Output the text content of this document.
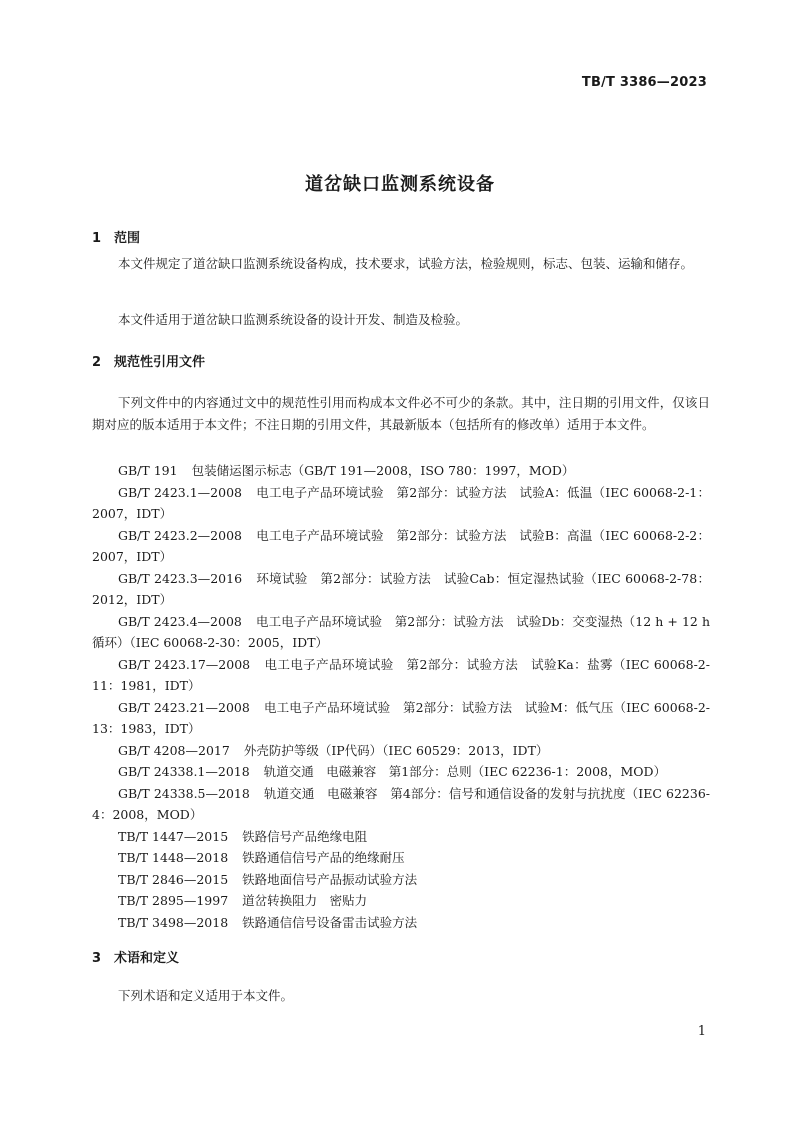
TB/T 3386—2023
道岔缺口监测系统设备
1 范围

本文件规定了道岔缺口监测系统设备构成，技术要求，试验方法，检验规则，标志、包装、运输和储存。

本文件适用于道岔缺口监测系统设备的设计开发、制造及检验。

2 规范性引用文件

下列文件中的内容通过文中的规范性引用而构成本文件必不可少的条款。其中，注日期的引用文件，仅该日期对应的版本适用于本文件；不注日期的引用文件，其最新版本（包括所有的修改单）适用于本文件。

GB/T 191 包装储运图示标志（GB/T 191—2008，ISO 780：1997，MOD）
GB/T 2423.1—2008 电工电子产品环境试验　第2部分：试验方法　试验A：低温（IEC 60068-2-1：2007，IDT）
GB/T 2423.2—2008 电工电子产品环境试验　第2部分：试验方法　试验B：高温（IEC 60068-2-2：2007，IDT）
GB/T 2423.3—2016 环境试验　第2部分：试验方法　试验Cab：恒定湿热试验（IEC 60068-2-78：2012，IDT）
GB/T 2423.4—2008 电工电子产品环境试验　第2部分：试验方法　试验Db：交变湿热（12 h + 12 h循环）（IEC 60068-2-30：2005，IDT）
GB/T 2423.17—2008 电工电子产品环境试验　第2部分：试验方法　试验Ka：盐雾（IEC 60068-2-11：1981，IDT）
GB/T 2423.21—2008 电工电子产品环境试验　第2部分：试验方法　试验M：低气压（IEC 60068-2-13：1983，IDT）
GB/T 4208—2017 外壳防护等级（IP代码）（IEC 60529：2013，IDT）
GB/T 24338.1—2018 轨道交通　电磁兼容　第1部分：总则（IEC 62236-1：2008，MOD）
GB/T 24338.5—2018 轨道交通　电磁兼容　第4部分：信号和通信设备的发射与抗扰度（IEC 62236-4：2008，MOD）
TB/T 1447—2015 铁路信号产品绝缘电阻
TB/T 1448—2018 铁路通信信号产品的绝缘耐压
TB/T 2846—2015 铁路地面信号产品振动试验方法
TB/T 2895—1997 道岔转换阻力　密贴力
TB/T 3498—2018 铁路通信信号设备雷击试验方法
3 术语和定义

下列术语和定义适用于本文件。

1
